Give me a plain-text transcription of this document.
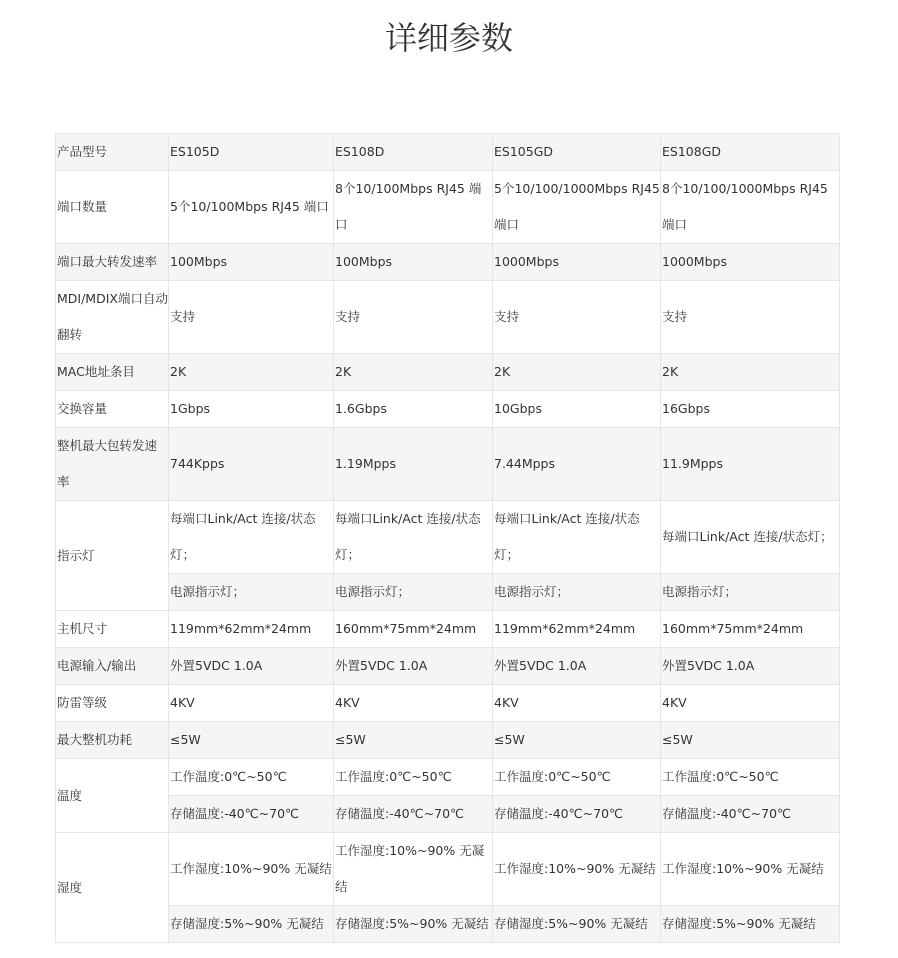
详细参数
产品型号	ES105D	ES108D	ES105GD	ES108GD
端口数量	5个10/100Mbps RJ45 端口	8个10/100Mbps RJ45 端口	5个10/100/1000Mbps RJ45 端口	8个10/100/1000Mbps RJ45 端口
端口最大转发速率	100Mbps	100Mbps	1000Mbps	1000Mbps
MDI/MDIX端口自动翻转	支持	支持	支持	支持
MAC地址条目	2K	2K	2K	2K
交换容量	1Gbps	1.6Gbps	10Gbps	16Gbps
整机最大包转发速率	744Kpps	1.19Mpps	7.44Mpps	11.9Mpps
指示灯	每端口Link/Act 连接/状态灯；	每端口Link/Act 连接/状态灯；	每端口Link/Act 连接/状态灯；	每端口Link/Act 连接/状态灯；
	电源指示灯；	电源指示灯；	电源指示灯；	电源指示灯；
主机尺寸	119mm*62mm*24mm	160mm*75mm*24mm	119mm*62mm*24mm	160mm*75mm*24mm
电源输入/输出	外置5VDC 1.0A	外置5VDC 1.0A	外置5VDC 1.0A	外置5VDC 1.0A
防雷等级	4KV	4KV	4KV	4KV
最大整机功耗	≤5W	≤5W	≤5W	≤5W
温度	工作温度:0℃~50℃	工作温度:0℃~50℃	工作温度:0℃~50℃	工作温度:0℃~50℃
	存储温度:-40℃~70℃	存储温度:-40℃~70℃	存储温度:-40℃~70℃	存储温度:-40℃~70℃
湿度	工作湿度:10%~90% 无凝结	工作湿度:10%~90% 无凝结	工作湿度:10%~90% 无凝结	工作湿度:10%~90% 无凝结
	存储湿度:5%~90% 无凝结	存储湿度:5%~90% 无凝结	存储湿度:5%~90% 无凝结	存储湿度:5%~90% 无凝结
